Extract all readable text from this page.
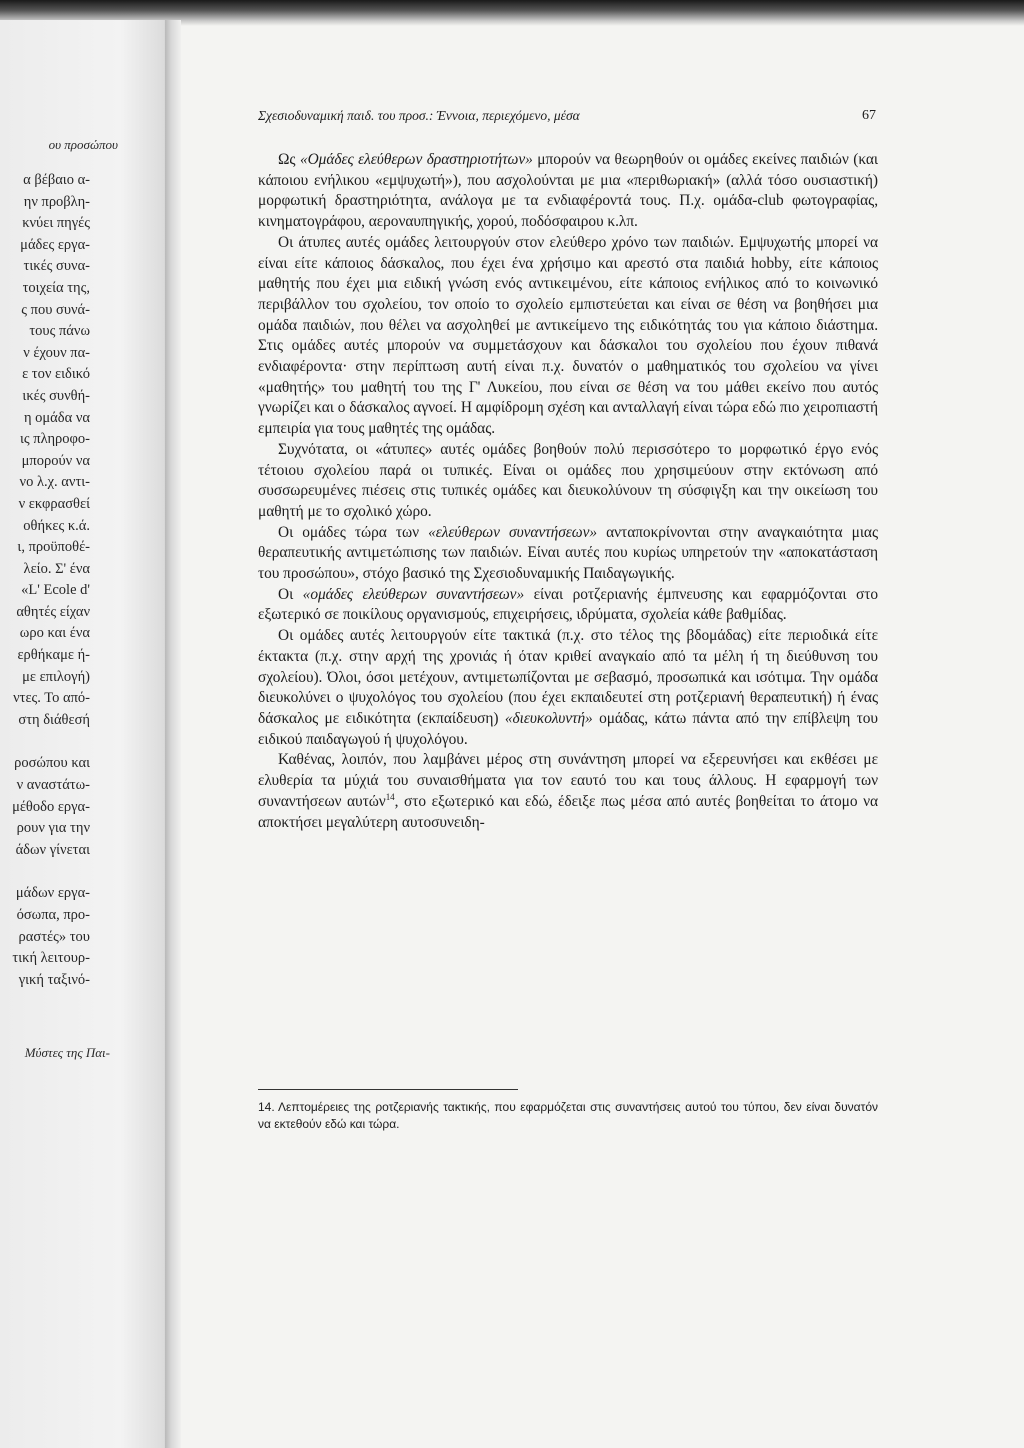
ου προσώπου
α βέβαιο α-
ην προβλη-
κνύει πηγές
μάδες εργα-
τικές συνα-
τοιχεία της,
ς που συνά-
τους πάνω
ν έχουν πα-
ε τον ειδικό
ικές συνθή-
η ομάδα να
ις πληροφο-
μπορούν να
νο λ.χ. αντι-
ν εκφρασθεί
οθήκες κ.ά.
ι, προϋποθέ-
λείο. Σ' ένα
«L' Ecole d'
αθητές είχαν
ωρο και ένα
ερθήκαμε ή-
με επιλογή)
ντες. Το από-
στη διάθεσή
ροσώπου και
ν αναστάτω-
μέθοδο εργα-
ρουν για την
άδων γίνεται
μάδων εργα-
όσωπα, προ-
ραστές» του
τική λειτουρ-
γική ταξινό-
Μύστες της Παι-
Σχεσιοδυναμική παιδ. του προσ.: Έννοια, περιεχόμενο, μέσα	67

Ως «Ομάδες ελεύθερων δραστηριοτήτων» μπορούν να θεωρηθούν οι ομάδες εκείνες παιδιών (και κάποιου ενήλικου «εμψυχωτή»), που ασχολούνται με μια «περιθωριακή» (αλλά τόσο ουσιαστική) μορφωτική δραστηριότητα, ανάλογα με τα ενδιαφέροντά τους. Π.χ. ομάδα-club φωτογραφίας, κινηματογράφου, αεροναυπηγικής, χορού, ποδόσφαιρου κ.λπ.

Οι άτυπες αυτές ομάδες λειτουργούν στον ελεύθερο χρόνο των παιδιών. Εμψυχωτής μπορεί να είναι είτε κάποιος δάσκαλος, που έχει ένα χρήσιμο και αρεστό στα παιδιά hobby, είτε κάποιος μαθητής που έχει μια ειδική γνώση ενός αντικειμένου, είτε κάποιος ενήλικος από το κοινωνικό περιβάλλον του σχολείου, τον οποίο το σχολείο εμπιστεύεται και είναι σε θέση να βοηθήσει μια ομάδα παιδιών, που θέλει να ασχοληθεί με αντικείμενο της ειδικότητάς του για κάποιο διάστημα. Στις ομάδες αυτές μπορούν να συμμετάσχουν και δάσκαλοι του σχολείου που έχουν πιθανά ενδιαφέροντα· στην περίπτωση αυτή είναι π.χ. δυνατόν ο μαθηματικός του σχολείου να γίνει «μαθητής» του μαθητή του της Γ' Λυκείου, που είναι σε θέση να του μάθει εκείνο που αυτός γνωρίζει και ο δάσκαλος αγνοεί. Η αμφίδρομη σχέση και ανταλλαγή είναι τώρα εδώ πιο χειροπιαστή εμπειρία για τους μαθητές της ομάδας.

Συχνότατα, οι «άτυπες» αυτές ομάδες βοηθούν πολύ περισσότερο το μορφωτικό έργο ενός τέτοιου σχολείου παρά οι τυπικές. Είναι οι ομάδες που χρησιμεύουν στην εκτόνωση από συσσωρευμένες πιέσεις στις τυπικές ομάδες και διευκολύνουν τη σύσφιγξη και την οικείωση του μαθητή με το σχολικό χώρο.

Οι ομάδες τώρα των «ελεύθερων συναντήσεων» ανταποκρίνονται στην αναγκαιότητα μιας θεραπευτικής αντιμετώπισης των παιδιών. Είναι αυτές που κυρίως υπηρετούν την «αποκατάσταση του προσώπου», στόχο βασικό της Σχεσιοδυναμικής Παιδαγωγικής.

Οι «ομάδες ελεύθερων συναντήσεων» είναι ροτζεριανής έμπνευσης και εφαρμόζονται στο εξωτερικό σε ποικίλους οργανισμούς, επιχειρήσεις, ιδρύματα, σχολεία κάθε βαθμίδας.

Οι ομάδες αυτές λειτουργούν είτε τακτικά (π.χ. στο τέλος της βδομάδας) είτε περιοδικά είτε έκτακτα (π.χ. στην αρχή της χρονιάς ή όταν κριθεί αναγκαίο από τα μέλη ή τη διεύθυνση του σχολείου). Όλοι, όσοι μετέχουν, αντιμετωπίζονται με σεβασμό, προσωπικά και ισότιμα. Την ομάδα διευκολύνει ο ψυχολόγος του σχολείου (που έχει εκπαιδευτεί στη ροτζεριανή θεραπευτική) ή ένας δάσκαλος με ειδικότητα (εκπαίδευση) «διευκολυντή» ομάδας, κάτω πάντα από την επίβλεψη του ειδικού παιδαγωγού ή ψυχολόγου.

Καθένας, λοιπόν, που λαμβάνει μέρος στη συνάντηση μπορεί να εξερευνήσει και εκθέσει με ελυθερία τα μύχιά του συναισθήματα για τον εαυτό του και τους άλλους. Η εφαρμογή των συναντήσεων αυτών$^{14}$, στο εξωτερικό και εδώ, έδειξε πως μέσα από αυτές βοηθείται το άτομο να αποκτήσει μεγαλύτερη αυτοσυνειδη-

14. Λεπτομέρειες της ροτζεριανής τακτικής, που εφαρμόζεται στις συναντήσεις αυτού του τύπου, δεν είναι δυνατόν να εκτεθούν εδώ και τώρα.
